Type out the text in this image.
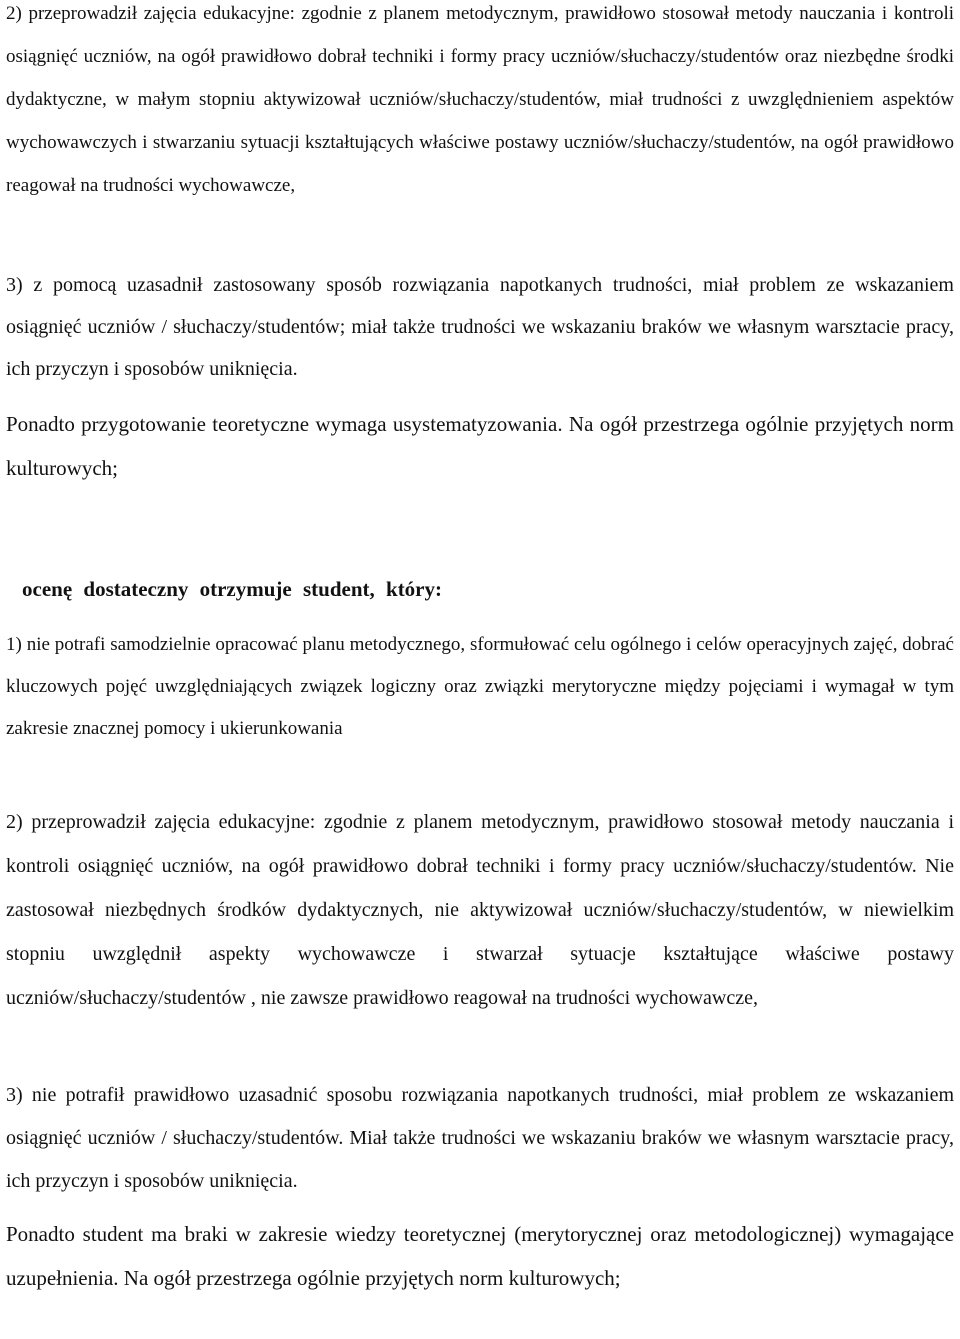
2) przeprowadził zajęcia edukacyjne: zgodnie z planem metodycznym, prawidłowo stosował metody nauczania i kontroli osiągnięć uczniów, na ogół prawidłowo dobrał techniki i formy pracy uczniów/słuchaczy/studentów oraz niezbędne środki dydaktyczne, w małym stopniu aktywizował uczniów/słuchaczy/studentów, miał trudności z uwzględnieniem aspektów wychowawczych i stwarzaniu sytuacji kształtujących właściwe postawy uczniów/słuchaczy/studentów, na ogół prawidłowo reagował na trudności wychowawcze,

3) z pomocą uzasadnił zastosowany sposób rozwiązania napotkanych trudności, miał problem ze wskazaniem osiągnięć uczniów / słuchaczy/studentów; miał także trudności we wskazaniu braków we własnym warsztacie pracy, ich przyczyn i sposobów uniknięcia.

Ponadto przygotowanie teoretyczne wymaga usystematyzowania. Na ogół przestrzega ogólnie przyjętych norm kulturowych;

ocenę dostateczny otrzymuje student, który:

1) nie potrafi samodzielnie opracować planu metodycznego, sformułować celu ogólnego i celów operacyjnych zajęć, dobrać kluczowych pojęć uwzględniających związek logiczny oraz związki merytoryczne między pojęciami i wymagał w tym zakresie znacznej pomocy i ukierunkowania

2) przeprowadził zajęcia edukacyjne: zgodnie z planem metodycznym, prawidłowo stosował metody nauczania i kontroli osiągnięć uczniów, na ogół prawidłowo dobrał techniki i formy pracy uczniów/słuchaczy/studentów. Nie zastosował niezbędnych środków dydaktycznych, nie aktywizował uczniów/słuchaczy/studentów, w niewielkim stopniu uwzględnił aspekty wychowawcze i stwarzał sytuacje kształtujące właściwe postawy uczniów/słuchaczy/studentów , nie zawsze prawidłowo reagował na trudności wychowawcze,

3) nie potrafił prawidłowo uzasadnić sposobu rozwiązania napotkanych trudności, miał problem ze wskazaniem osiągnięć uczniów / słuchaczy/studentów. Miał także trudności we wskazaniu braków we własnym warsztacie pracy, ich przyczyn i sposobów uniknięcia.

Ponadto student ma braki w zakresie wiedzy teoretycznej (merytorycznej oraz metodologicznej) wymagające uzupełnienia. Na ogół przestrzega ogólnie przyjętych norm kulturowych;
